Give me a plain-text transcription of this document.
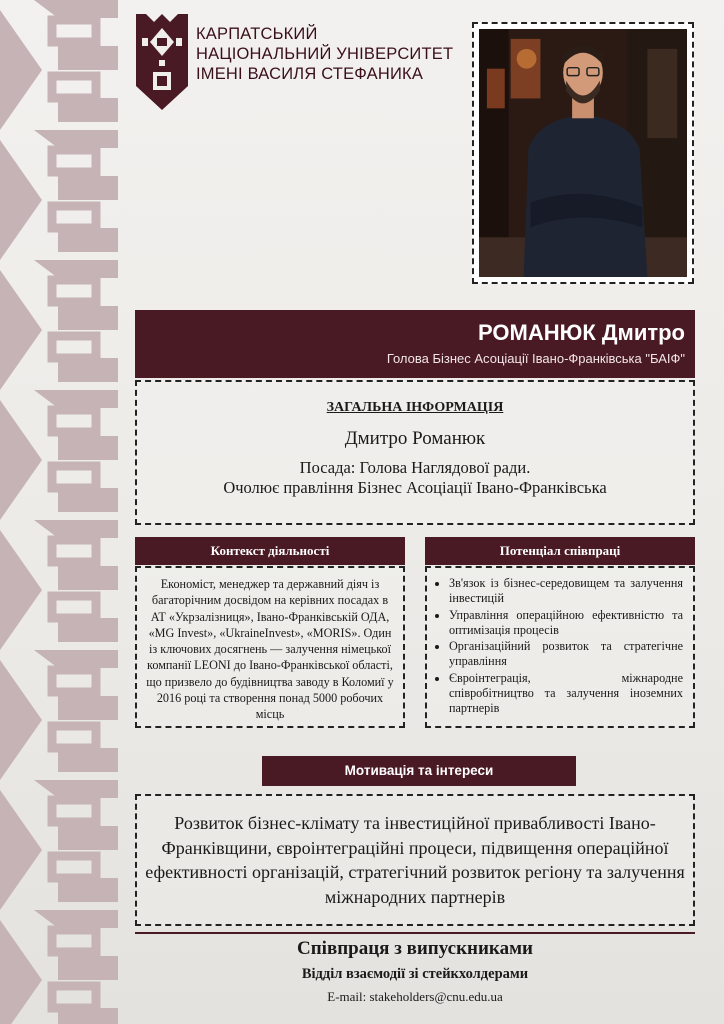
КАРПАТСЬКИЙ
НАЦІОНАЛЬНИЙ УНІВЕРСИТЕТ
ІМЕНІ ВАСИЛЯ СТЕФАНИКА
РОМАНЮК Дмитро
Голова Бізнес Асоціації Івано-Франківська "БАІФ"
ЗАГАЛЬНА ІНФОРМАЦІЯ
Дмитро Романюк
Посада: Голова Наглядової ради.
Очолює правління Бізнес Асоціації Івано-Франківська
Контекст діяльності
Економіст, менеджер та державний діяч із багаторічним досвідом на керівних посадах в АТ «Укрзалізниця», Івано-Франківській ОДА, «MG Invest», «UkraineInvest», «MORIS». Один із ключових досягнень — залучення німецької компанії LEONI до Івано-Франківської області, що призвело до будівництва заводу в Коломиї у 2016 році та створення понад 5000 робочих місць
Потенціал співпраці
• Зв'язок із бізнес-середовищем та залучення інвестицій
• Управління операційною ефективністю та оптимізація процесів
• Організаційний розвиток та стратегічне управління
• Євроінтеграція, міжнародне співробітництво та залучення іноземних партнерів
Мотивація та інтереси
Розвиток бізнес-клімату та інвестиційної привабливості Івано-Франківщини, євроінтеграційні процеси, підвищення операційної ефективності організацій, стратегічний розвиток регіону та залучення міжнародних партнерів
Співпраця з випускниками
Відділ взаємодії зі стейкхолдерами
E-mail: stakeholders@cnu.edu.ua
